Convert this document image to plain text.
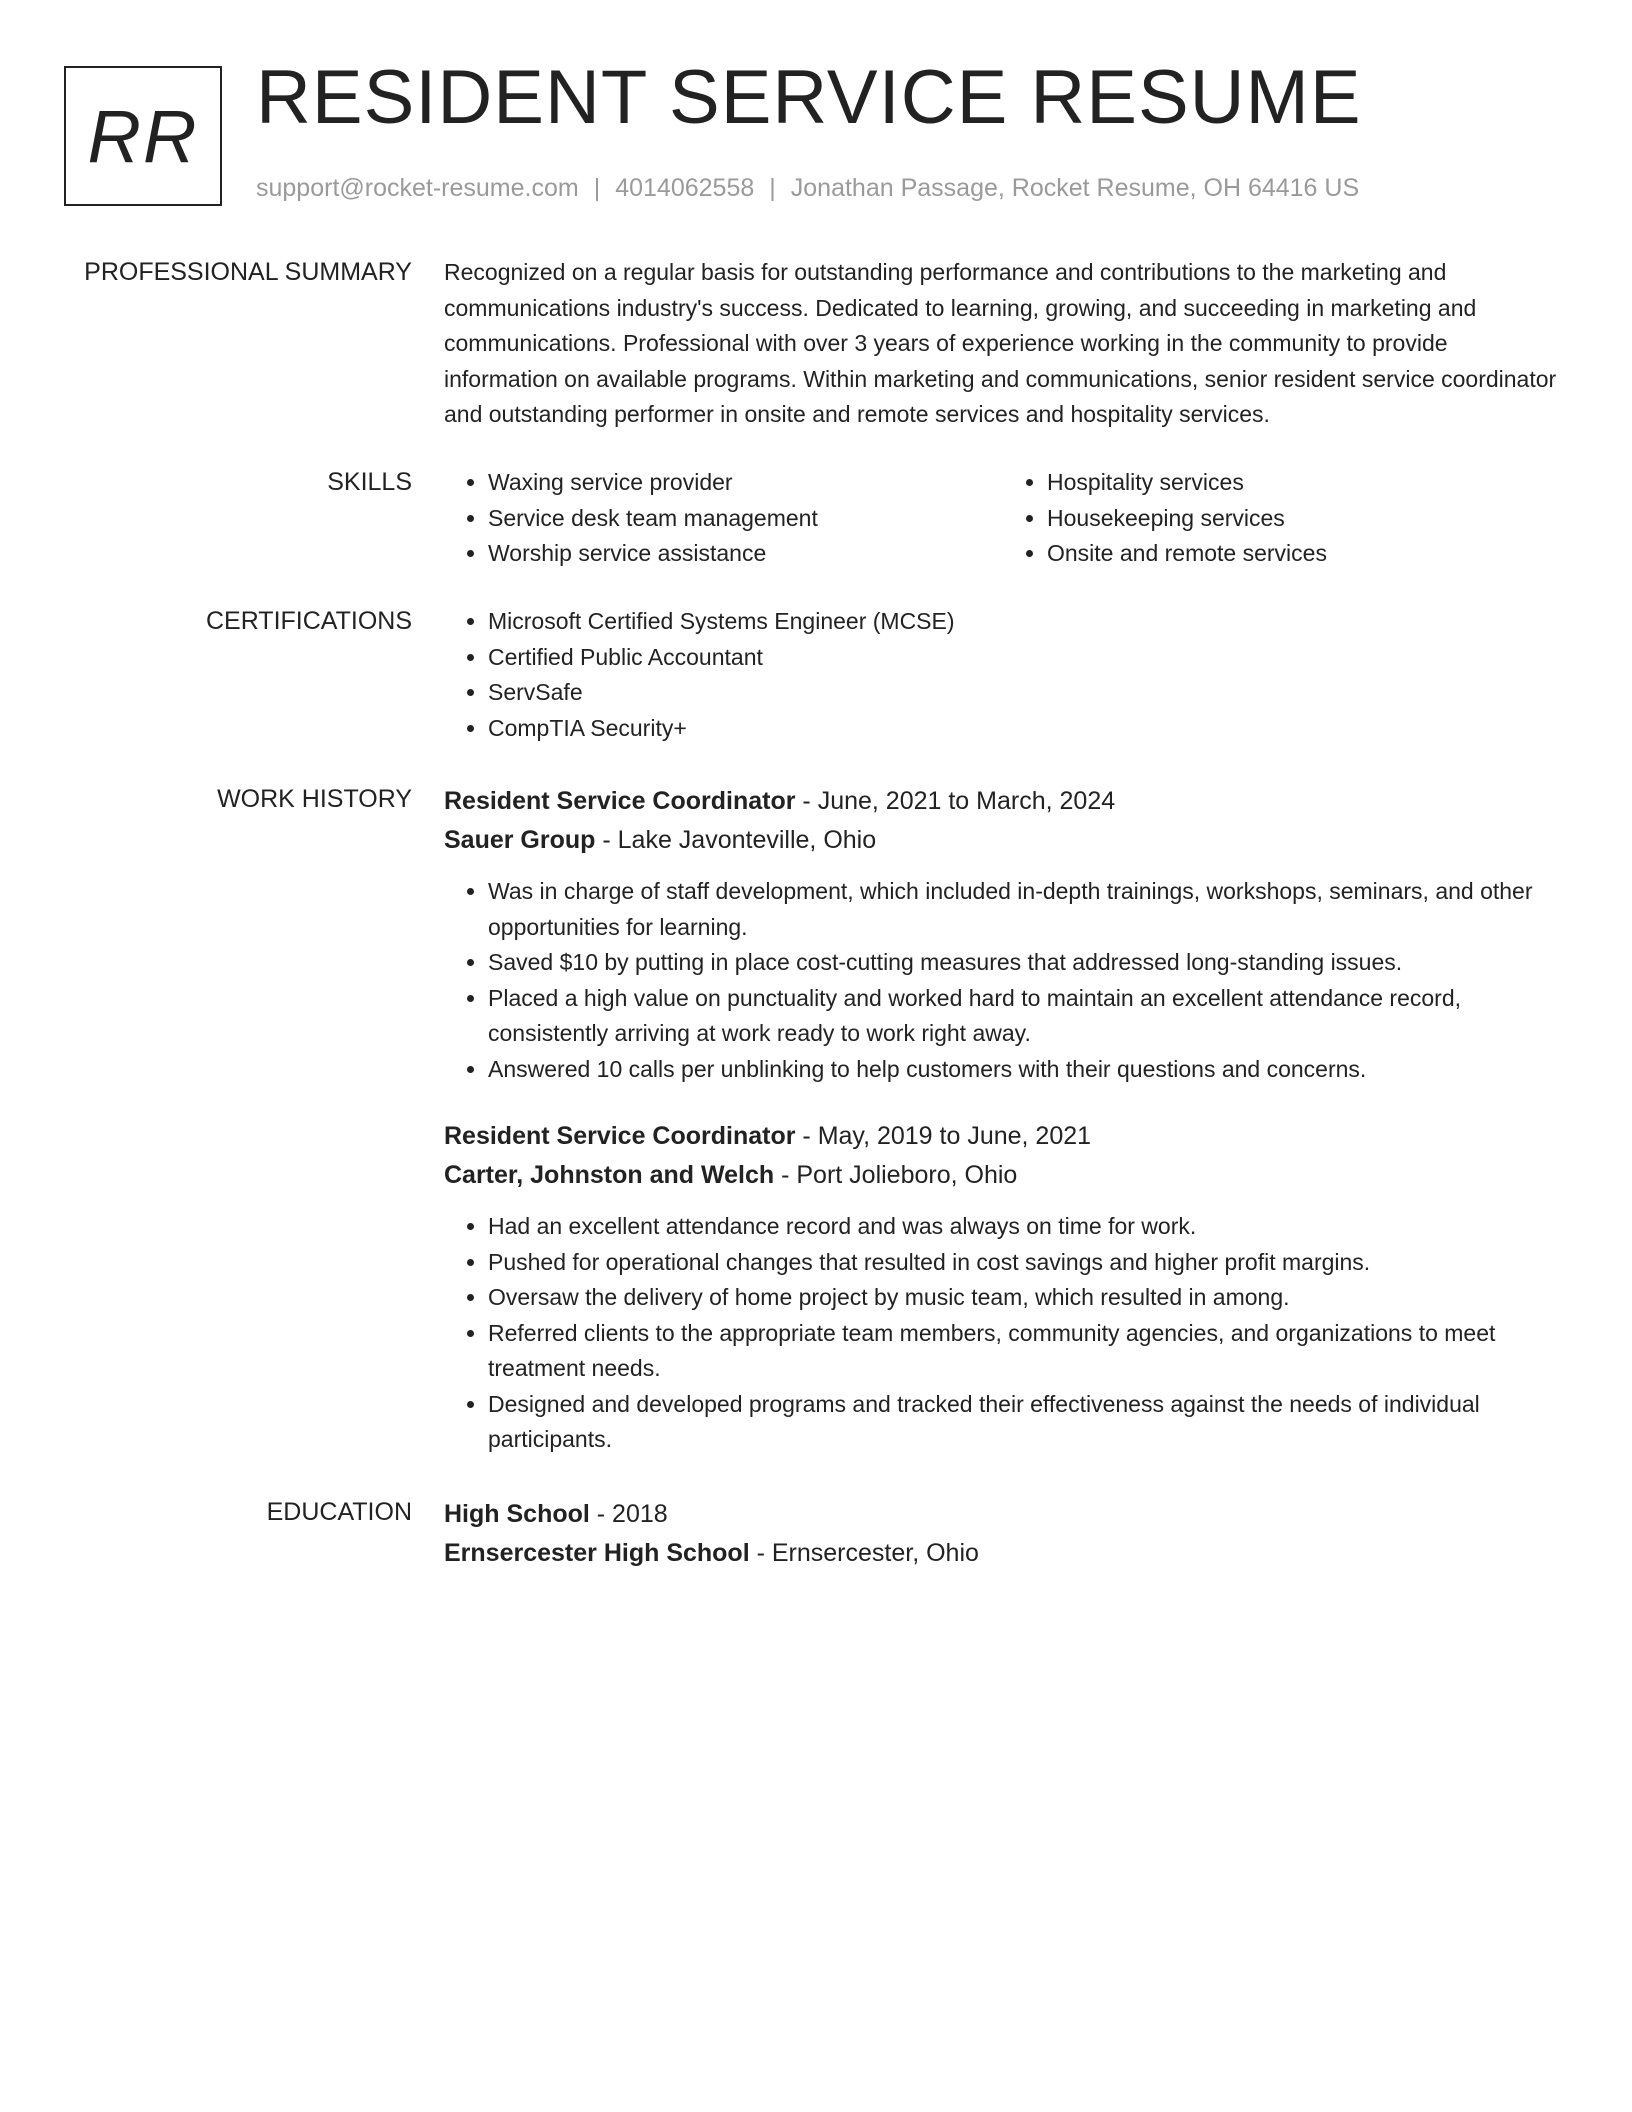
RR RESIDENT SERVICE RESUME
support@rocket-resume.com | 4014062558 | Jonathan Passage, Rocket Resume, OH 64416 US
PROFESSIONAL SUMMARY Recognized on a regular basis for outstanding performance and contributions to the marketing and communications industry's success. Dedicated to learning, growing, and succeeding in marketing and communications. Professional with over 3 years of experience working in the community to provide information on available programs. Within marketing and communications, senior resident service coordinator and outstanding performer in onsite and remote services and hospitality services.

SKILLS	• Waxing service provider
• Service desk team management
• Worship service assistance
• Hospitality services
• Housekeeping services
• Onsite and remote services
CERTIFICATIONS	• Microsoft Certified Systems Engineer (MCSE)
• Certified Public Accountant
• ServSafe
• CompTIA Security+
WORK HISTORY Resident Service Coordinator - June, 2021 to March, 2024
Sauer Group - Lake Javonteville, Ohio
• Was in charge of staff development, which included in-depth trainings, workshops, seminars, and other opportunities for learning.
• Saved $10 by putting in place cost-cutting measures that addressed long-standing issues.
• Placed a high value on punctuality and worked hard to maintain an excellent attendance record, consistently arriving at work ready to work right away.
• Answered 10 calls per unblinking to help customers with their questions and concerns.
Resident Service Coordinator - May, 2019 to June, 2021
Carter, Johnston and Welch - Port Jolieboro, Ohio
• Had an excellent attendance record and was always on time for work.
• Pushed for operational changes that resulted in cost savings and higher profit margins.
• Oversaw the delivery of home project by music team, which resulted in among.
• Referred clients to the appropriate team members, community agencies, and organizations to meet treatment needs.
• Designed and developed programs and tracked their effectiveness against the needs of individual participants.
EDUCATION High School - 2018
Ernsercester High School - Ernsercester, Ohio
